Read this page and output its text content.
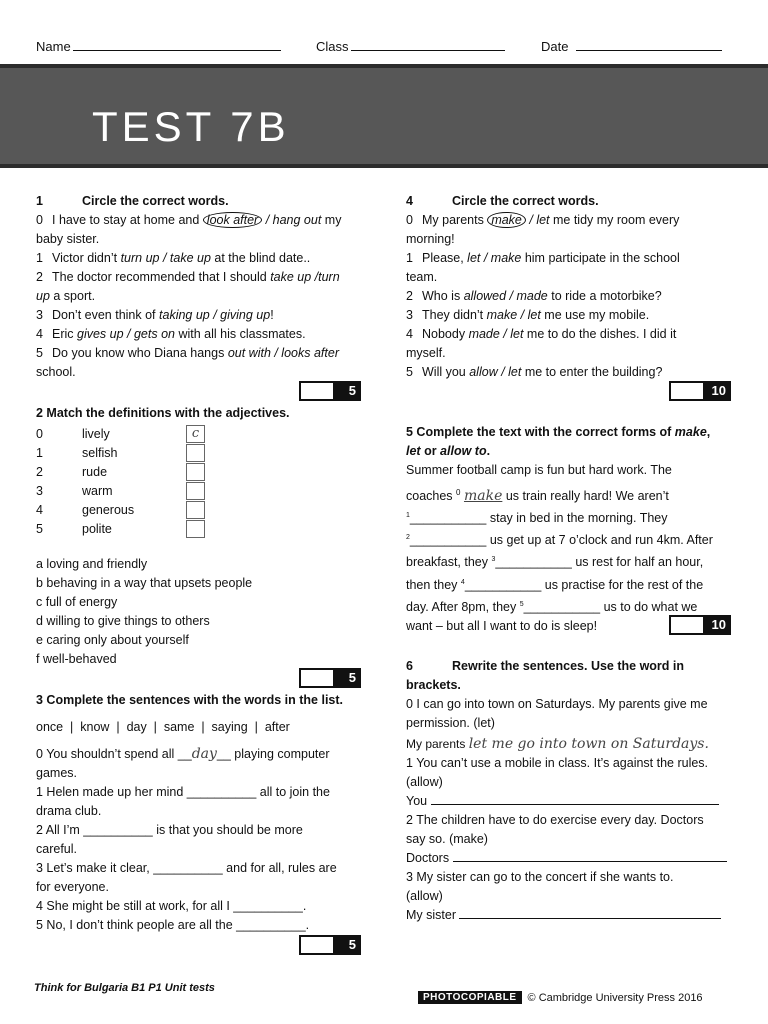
Name	Class	Date
TEST 7B
1	Circle the correct words.
0 I have to stay at home and look after / hang out my
baby sister.
1 Victor didn’t turn up / take up at the blind date..
2 The doctor recommended that I should take up /turn
up a sport.
3 Don’t even think of taking up / giving up!
4 Eric gives up / gets on with all his classmates.
5 Do you know who Diana hangs out with / looks after
school.
5
2 Match the definitions with the adjectives.
0	lively	c
1	selfish	
2	rude	
3	warm	
4	generous	
5	polite	
a loving and friendly
b behaving in a way that upsets people
c full of energy
d willing to give things to others
e caring only about yourself
f well-behaved
5
3 Complete the sentences with the words in the list.
once  |  know  |  day  |  same  |  saying  |  after
0 You shouldn’t spend all __day__ playing computer
games.
1 Helen made up her mind __________ all to join the
drama club.
2 All I’m __________ is that you should be more
careful.
3 Let’s make it clear, __________ and for all, rules are
for everyone.
4 She might be still at work, for all I __________.
5 No, I don’t think people are all the __________.
5
4	Circle the correct words.
0 My parents make / let me tidy my room every
morning!
1 Please, let / make him participate in the school
team.
2 Who is allowed / made to ride a motorbike?
3 They didn’t make / let me use my mobile.
4 Nobody made / let me to do the dishes. I did it
myself.
5 Will you allow / let me to enter the building?
10
5 Complete the text with the correct forms of make,
let or allow to.
Summer football camp is fun but hard work. The
coaches $^0$ make us train really hard! We aren’t
$^1$___________ stay in bed in the morning. They
$^2$___________ us get up at 7 o’clock and run 4km. After
breakfast, they $^3$___________ us rest for half an hour,
then they $^4$___________ us practise for the rest of the
day. After 8pm, they $^5$___________ us to do what we
want – but all I want to do is sleep!	10
6	Rewrite the sentences. Use the word in
brackets.
0 I can go into town on Saturdays. My parents give me
permission. (let)
My parents let me go into town on Saturdays.
1 You can’t use a mobile in class. It’s against the rules.
(allow)
You
2 The children have to do exercise every day. Doctors
say so. (make)
Doctors
3 My sister can go to the concert if she wants to.
(allow)
My sister
Think for Bulgaria B1 P1 Unit tests
PHOTOCOPIABLE	© Cambridge University Press 2016
